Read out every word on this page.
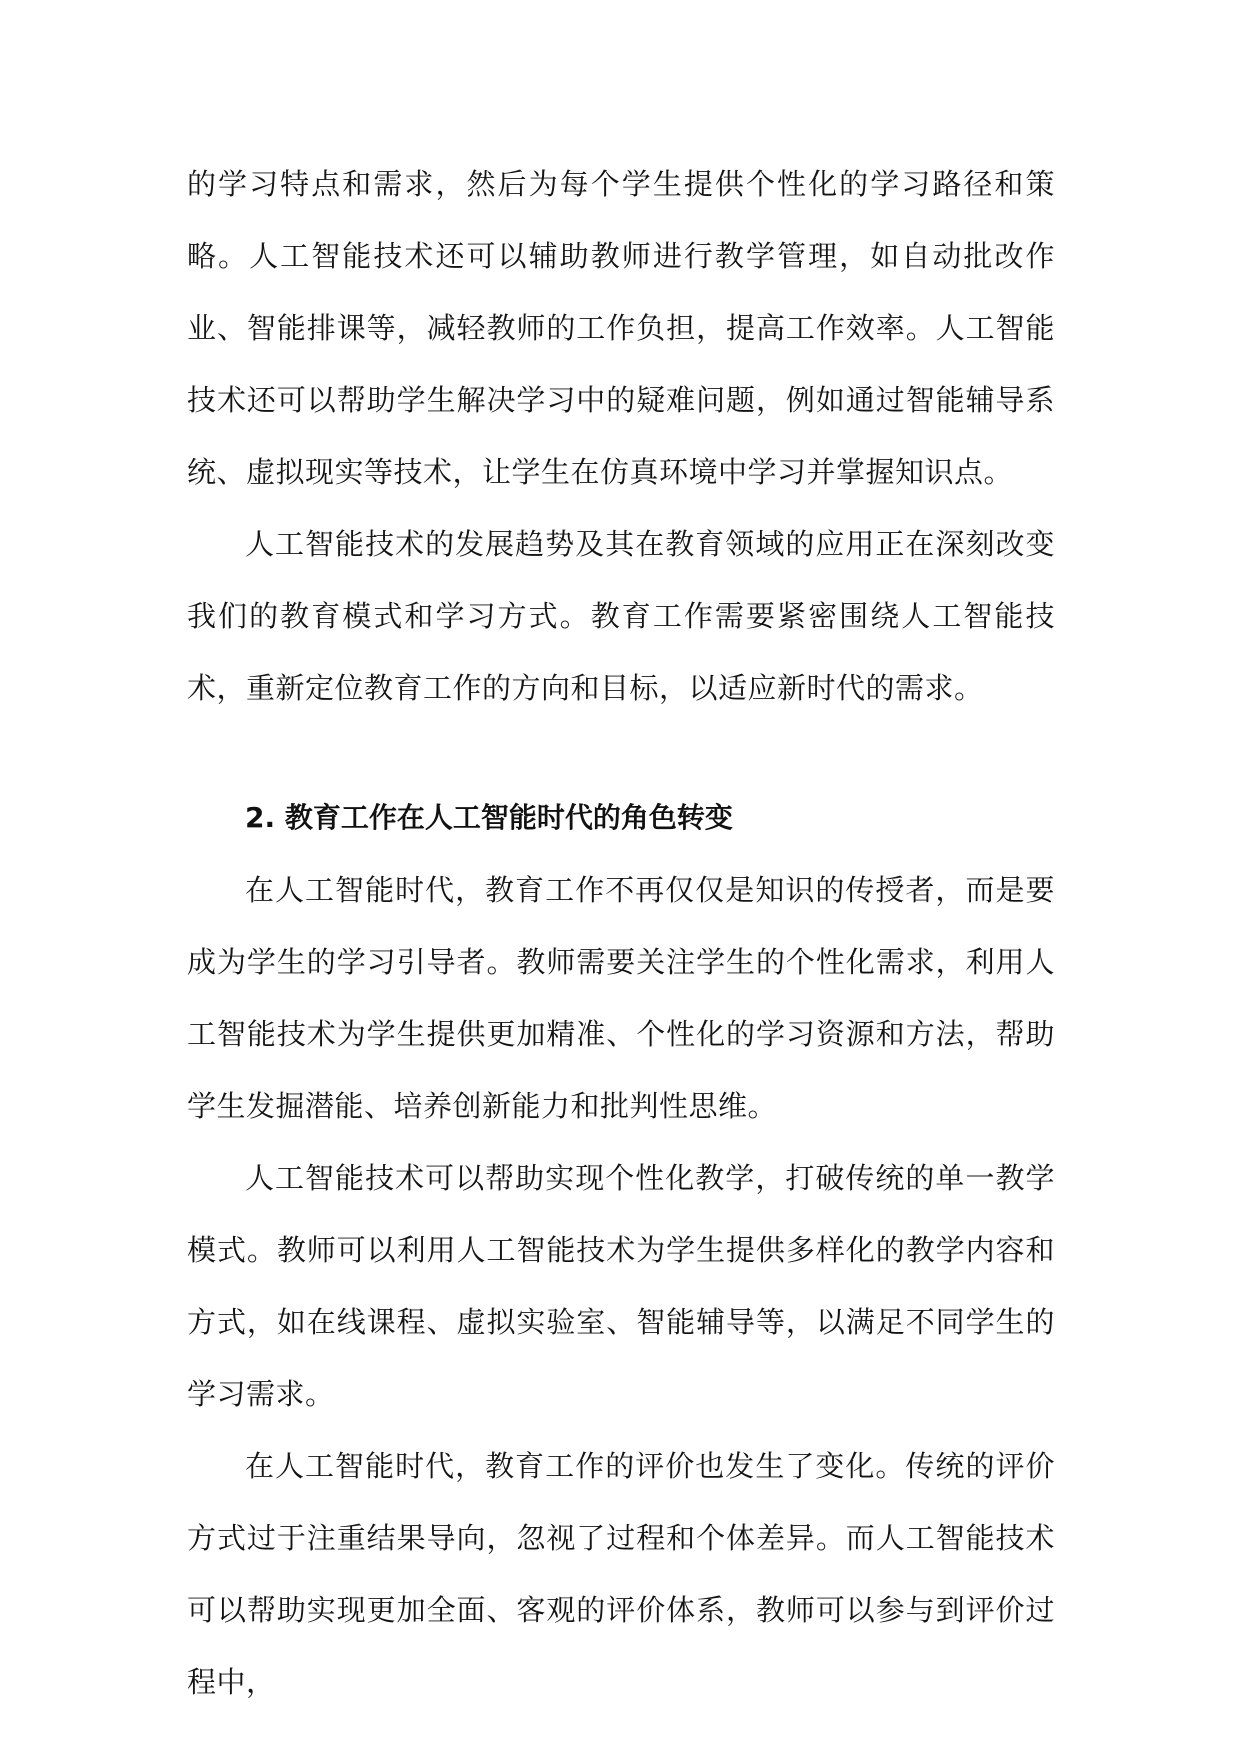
的学习特点和需求，然后为每个学生提供个性化的学习路径和策略。人工智能技术还可以辅助教师进行教学管理，如自动批改作业、智能排课等，减轻教师的工作负担，提高工作效率。人工智能技术还可以帮助学生解决学习中的疑难问题，例如通过智能辅导系统、虚拟现实等技术，让学生在仿真环境中学习并掌握知识点。

人工智能技术的发展趋势及其在教育领域的应用正在深刻改变我们的教育模式和学习方式。教育工作需要紧密围绕人工智能技术，重新定位教育工作的方向和目标，以适应新时代的需求。

2. 教育工作在人工智能时代的角色转变

在人工智能时代，教育工作不再仅仅是知识的传授者，而是要成为学生的学习引导者。教师需要关注学生的个性化需求，利用人工智能技术为学生提供更加精准、个性化的学习资源和方法，帮助学生发掘潜能、培养创新能力和批判性思维。

人工智能技术可以帮助实现个性化教学，打破传统的单一教学模式。教师可以利用人工智能技术为学生提供多样化的教学内容和方式，如在线课程、虚拟实验室、智能辅导等，以满足不同学生的学习需求。

在人工智能时代，教育工作的评价也发生了变化。传统的评价方式过于注重结果导向，忽视了过程和个体差异。而人工智能技术可以帮助实现更加全面、客观的评价体系，教师可以参与到评价过程中，
